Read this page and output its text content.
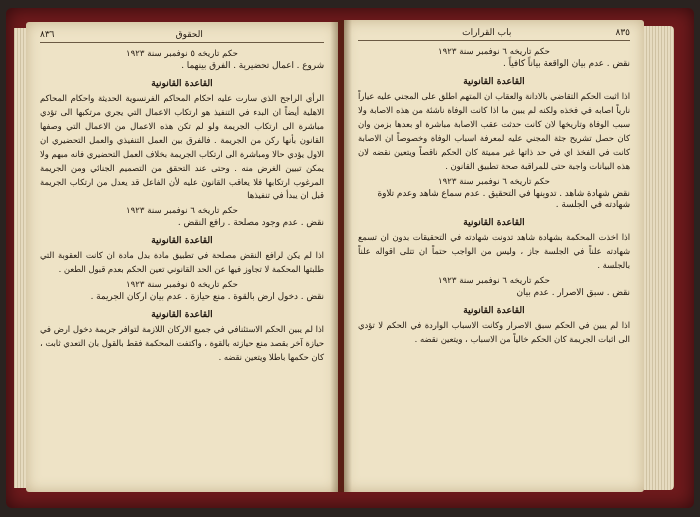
الحقوق
٨٣٦
حكم تاريخه ٥ نوفمبر سنة ١٩٢٣
شروع . اعمال تحضيرية . الفرق بينهما .
القاعدة القانونية

الرأي الراجح الذي سارت عليه احكام المحاكم الفرنسوية الحديثة واحكام المحاكم الاهلية أيضاً ان البدء في التنفيذ هو ارتكاب الاعمال التي يجري مرتكبها الى تؤدي مباشرة الى ارتكاب الجريمة ولو لم تكن هذه الاعمال من الاعمال التي وصفها القانون بأنها ركن من الجريمة . فالفرق بين العمل التنفيذي والعمل التحضيري ان الاول يؤدي حالا ومباشرة الى ارتكاب الجريمة بخلاف العمل التحضيري فانه مبهم ولا يمكن تبيين الغرض منه . وحتى عند التحقق من التصميم الجنائي ومن الجريمة المرغوب ارتكابها فلا يعاقب القانون عليه لأن الفاعل قد يعدل من ارتكاب الجريمة قبل ان يبدأ في تنفيذها

حكم تاريخه ٦ نوفمبر سنة ١٩٢٣
نقض . عدم وجود مصلحة . رافع النقض .
القاعدة القانونية

اذا لم يكن لرافع النقض مصلحة في تطبيق مادة بدل مادة ان كانت العقوبة التي طلبتها المحكمة لا تجاوز فيها عن الحد القانوني تعين الحكم بعدم قبول الطعن .

حكم تاريخه ٥ نوفمبر سنة ١٩٢٣
نقض . دخول ارض بالقوة . منع حيازة . عدم بيان اركان الجريمة .
القاعدة القانونية

اذا لم يبين الحكم الاستئنافي في جميع الاركان اللازمة لتوافر جريمة دخول ارض في حيازة آخر بقصد منع حيازته بالقوة ، واكتفت المحكمة فقط بالقول بان التعدي ثابت ، كان حكمها باطلا ويتعين نقضه .

٨٣٥
باب القرارات
حكم تاريخه ٦ نوفمبر سنة ١٩٢٣
نقض . عدم بيان الواقعة بياناً كافياً .
القاعدة القانونية

اذا اثبت الحكم التقاضي بالادانة والعقاب ان المتهم اطلق على المجني عليه عياراً نارياً اصابه في فخذه ولكنه لم يبين ما اذا كانت الوفاة ناشئة من هذه الاصابة ولا سبب الوفاة وتاريخها لان كانت حدثت عقب الاصابة مباشرة او بعدها بزمن وان كان حصل تشريح جثة المجني عليه لمعرفة اسباب الوفاة وخصوصاً ان الاصابة كانت في الفخذ اي في حد ذاتها غير مميتة كان الحكم ناقصاً ويتعين نقضه لان هذه البيانات واجبة حتى للمراقبة صحة تطبيق القانون .

حكم تاريخه ٦ نوفمبر سنة ١٩٢٣
نقض شهادة شاهد . تدوينها في التحقيق . عدم سماع شاهد وعدم تلاوة شهادته في الجلسة .
القاعدة القانونية

اذا اخذت المحكمة بشهادة شاهد تدونت شهادته في التحقيقات بدون ان تسمع شهادته علناً في الجلسة جاز ، وليس من الواجب حتماً ان تتلى اقواله علناً بالجلسة .

حكم تاريخه ٦ نوفمبر سنة ١٩٢٣
نقض . سبق الاصرار . عدم بيان
القاعدة القانونية

اذا لم يبين في الحكم سبق الاصرار وكانت الاسباب الواردة في الحكم لا تؤدي الى اثبات الجريمة كان الحكم خالياً من الاسباب ، ويتعين نقضه .
